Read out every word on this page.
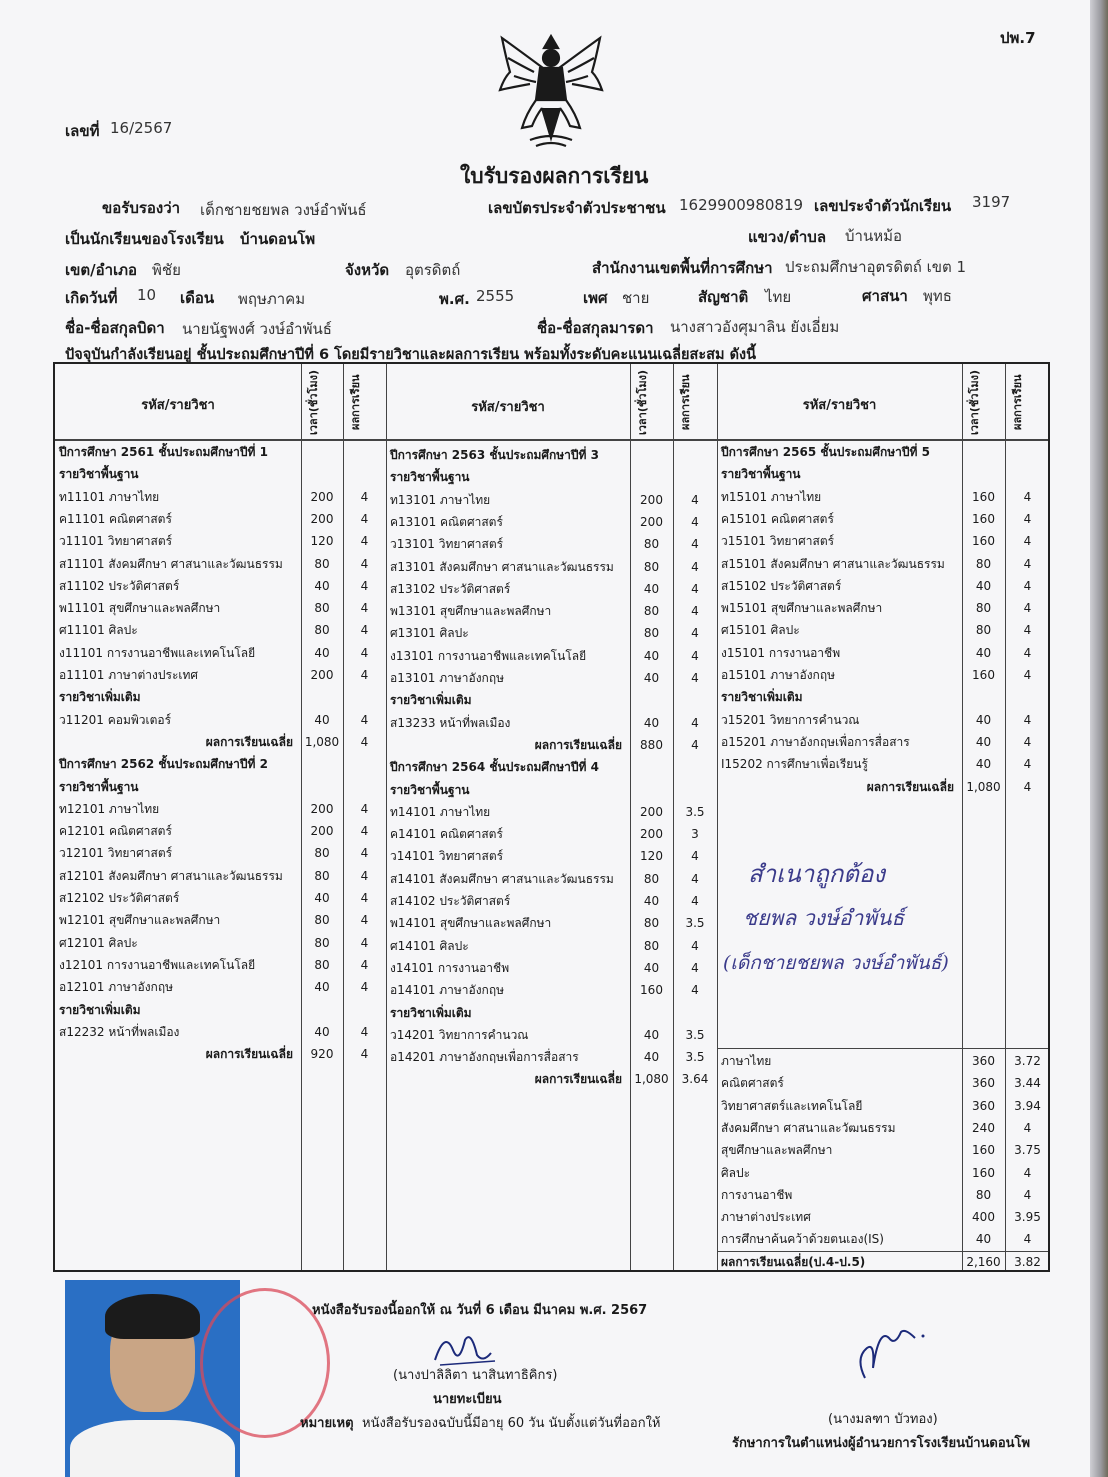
ปพ.7
เลขที่ 16/2567
ใบรับรองผลการเรียน
ขอรับรองว่า เด็กชายชยพล วงษ์อำพันธ์	เลขบัตรประจำตัวประชาชน 1629900980819 เลขประจำตัวนักเรียน 3197
เป็นนักเรียนของโรงเรียน บ้านดอนโพ	แขวง/ตำบล บ้านหม้อ
เขต/อำเภอ พิชัย	จังหวัด อุตรดิตถ์	สำนักงานเขตพื้นที่การศึกษา ประถมศึกษาอุตรดิตถ์ เขต 1
เกิดวันที่ 10 เดือน พฤษภาคม	พ.ศ. 2555	เพศ ชาย	สัญชาติ ไทย	ศาสนา พุทธ
ชื่อ-ชื่อสกุลบิดา นายนัฐพงศ์ วงษ์อำพันธ์	ชื่อ-ชื่อสกุลมารดา นางสาวอังศุมาลิน ยังเอี่ยม
ปัจจุบันกำลังเรียนอยู่ ชั้นประถมศึกษาปีที่ 6 โดยมีรายวิชาและผลการเรียน พร้อมทั้งระดับคะแนนเฉลี่ยสะสม ดังนี้
รหัส/รายวิชา	เวลา(ชั่วโมง)	ผลการเรียน	รหัส/รายวิชา	เวลา(ชั่วโมง)	ผลการเรียน	รหัส/รายวิชา	เวลา(ชั่วโมง)	ผลการเรียน
ปีการศึกษา 2561 ชั้นประถมศึกษาปีที่ 1
รายวิชาพื้นฐาน
ท11101 ภาษาไทย	200	4
ค11101 คณิตศาสตร์	200	4
ว11101 วิทยาศาสตร์	120	4
ส11101 สังคมศึกษา ศาสนาและวัฒนธรรม	80	4
ส11102 ประวัติศาสตร์	40	4
พ11101 สุขศึกษาและพลศึกษา	80	4
ศ11101 ศิลปะ	80	4
ง11101 การงานอาชีพและเทคโนโลยี	40	4
อ11101 ภาษาต่างประเทศ	200	4
รายวิชาเพิ่มเติม
ว11201 คอมพิวเตอร์	40	4
ผลการเรียนเฉลี่ย 1,080	4
ปีการศึกษา 2562 ชั้นประถมศึกษาปีที่ 2
รายวิชาพื้นฐาน
ท12101 ภาษาไทย	200	4
ค12101 คณิตศาสตร์	200	4
ว12101 วิทยาศาสตร์	80	4
ส12101 สังคมศึกษา ศาสนาและวัฒนธรรม	80	4
ส12102 ประวัติศาสตร์	40	4
พ12101 สุขศึกษาและพลศึกษา	80	4
ศ12101 ศิลปะ	80	4
ง12101 การงานอาชีพและเทคโนโลยี	80	4
อ12101 ภาษาอังกฤษ	40	4
รายวิชาเพิ่มเติม
ส12232 หน้าที่พลเมือง	40	4
ผลการเรียนเฉลี่ย	920	4
ปีการศึกษา 2563 ชั้นประถมศึกษาปีที่ 3
รายวิชาพื้นฐาน
ท13101 ภาษาไทย	200	4
ค13101 คณิตศาสตร์	200	4
ว13101 วิทยาศาสตร์	80	4
ส13101 สังคมศึกษา ศาสนาและวัฒนธรรม	80	4
ส13102 ประวัติศาสตร์	40	4
พ13101 สุขศึกษาและพลศึกษา	80	4
ศ13101 ศิลปะ	80	4
ง13101 การงานอาชีพและเทคโนโลยี	40	4
อ13101 ภาษาอังกฤษ	40	4
รายวิชาเพิ่มเติม
ส13233 หน้าที่พลเมือง	40	4
ผลการเรียนเฉลี่ย	880	4
ปีการศึกษา 2564 ชั้นประถมศึกษาปีที่ 4
รายวิชาพื้นฐาน
ท14101 ภาษาไทย	200	3.5
ค14101 คณิตศาสตร์	200	3
ว14101 วิทยาศาสตร์	120	4
ส14101 สังคมศึกษา ศาสนาและวัฒนธรรม	80	4
ส14102 ประวัติศาสตร์	40	4
พ14101 สุขศึกษาและพลศึกษา	80	3.5
ศ14101 ศิลปะ	80	4
ง14101 การงานอาชีพ	40	4
อ14101 ภาษาอังกฤษ	160	4
รายวิชาเพิ่มเติม
ว14201 วิทยาการคำนวณ	40	3.5
อ14201 ภาษาอังกฤษเพื่อการสื่อสาร	40	3.5
ผลการเรียนเฉลี่ย	1,080	3.64
ปีการศึกษา 2565 ชั้นประถมศึกษาปีที่ 5
รายวิชาพื้นฐาน
ท15101 ภาษาไทย	160	4
ค15101 คณิตศาสตร์	160	4
ว15101 วิทยาศาสตร์	160	4
ส15101 สังคมศึกษา ศาสนาและวัฒนธรรม	80	4
ส15102 ประวัติศาสตร์	40	4
พ15101 สุขศึกษาและพลศึกษา	80	4
ศ15101 ศิลปะ	80	4
ง15101 การงานอาชีพ	40	4
อ15101 ภาษาอังกฤษ	160	4
รายวิชาเพิ่มเติม
ว15201 วิทยาการคำนวณ	40	4
อ15201 ภาษาอังกฤษเพื่อการสื่อสาร	40	4
I15202 การศึกษาเพื่อเรียนรู้	40	4
ผลการเรียนเฉลี่ย	1,080	4
ภาษาไทย	360	3.72
คณิตศาสตร์	360	3.44
วิทยาศาสตร์และเทคโนโลยี	360	3.94
สังคมศึกษา ศาสนาและวัฒนธรรม	240	4
สุขศึกษาและพลศึกษา	160	3.75
ศิลปะ	160	4
การงานอาชีพ	80	4
ภาษาต่างประเทศ	400	3.95
การศึกษาค้นคว้าด้วยตนเอง(IS)	40	4
ผลการเรียนเฉลี่ย(ป.4-ป.5)	2,160	3.82
สำเนาถูกต้อง
ชยพล วงษ์อำพันธ์
(เด็กชายชยพล วงษ์อำพันธ์)
หนังสือรับรองนี้ออกให้ ณ วันที่ 6 เดือน มีนาคม พ.ศ. 2567
(นางปาลิลิตา นาสินทาธิคิกร)
นายทะเบียน
หมายเหตุ หนังสือรับรองฉบับนี้มีอายุ 60 วัน นับตั้งแต่วันที่ออกให้	(นางมลฑา บัวทอง)
รักษาการในตำแหน่งผู้อำนวยการโรงเรียนบ้านดอนโพ
